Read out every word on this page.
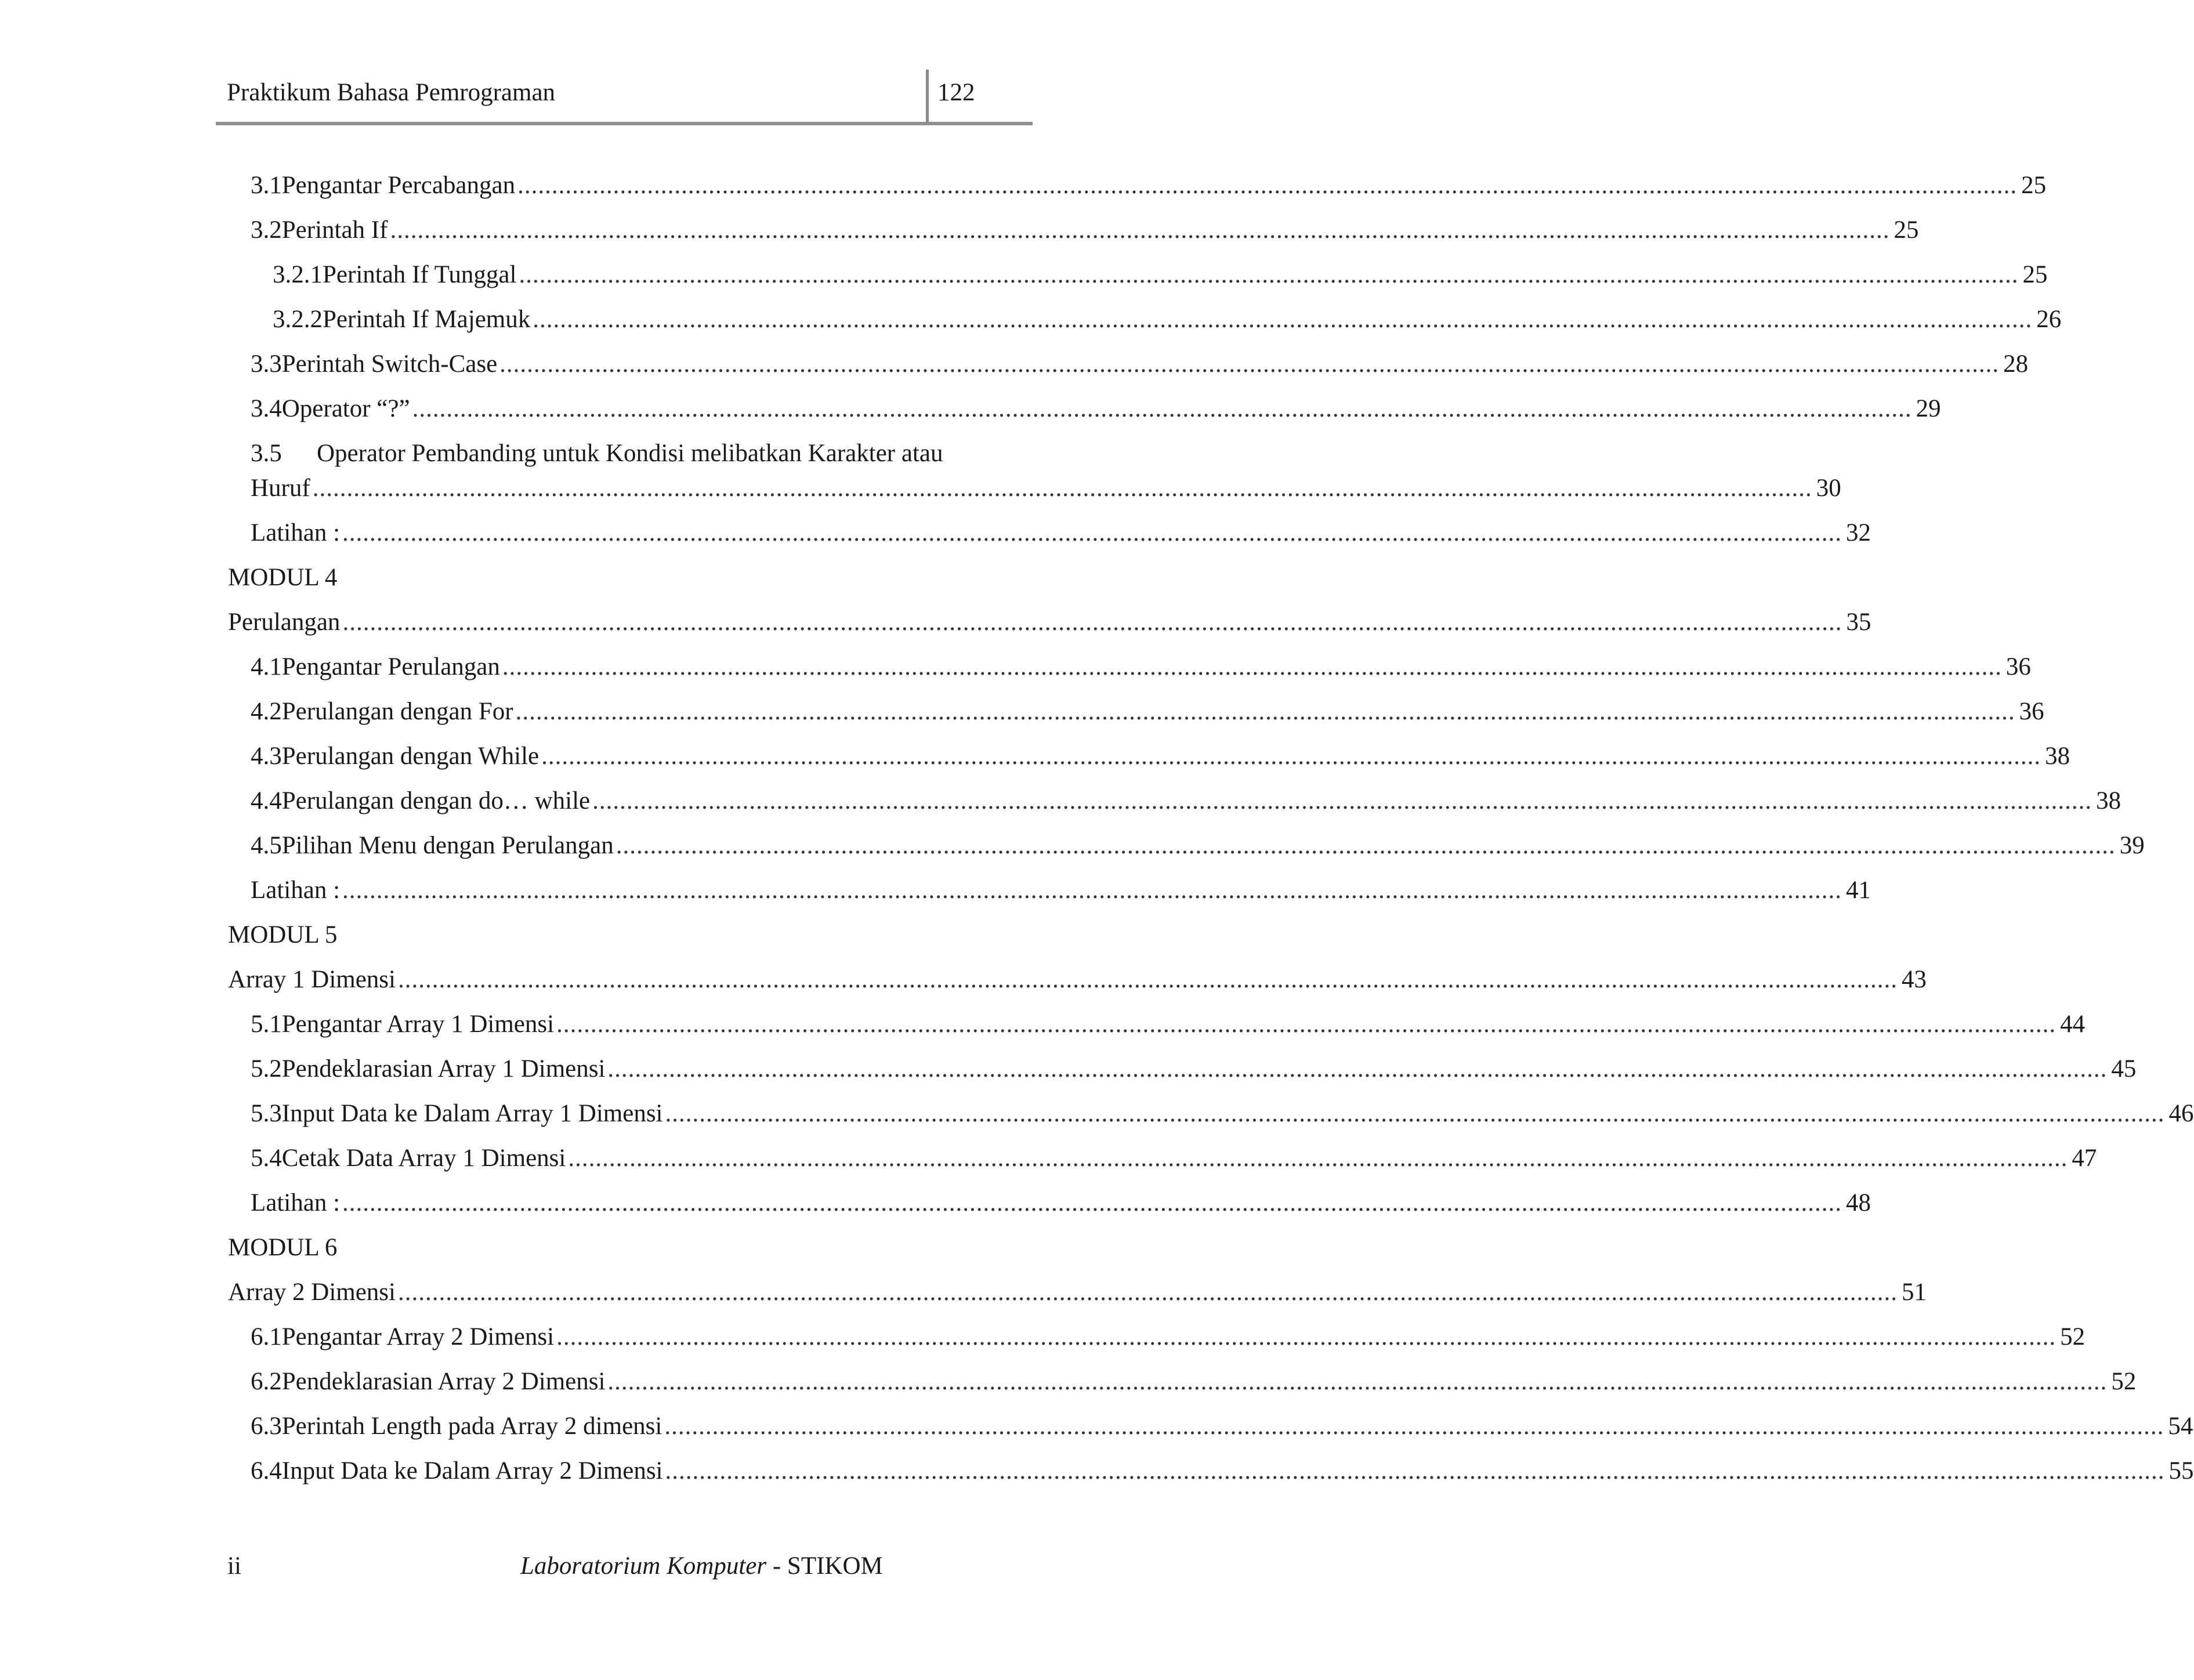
Praktikum Bahasa Pemrograman	122
3.1 Pengantar Percabangan ............................................................................................................................................................................................................................ 25
3.2 Perintah If ............................................................................................................................................................................................................................ 25
3.2.1 Perintah If Tunggal ............................................................................................................................................................................................................................ 25
3.2.2 Perintah If Majemuk ............................................................................................................................................................................................................................ 26
3.3 Perintah Switch-Case ............................................................................................................................................................................................................................ 28
3.4 Operator “?” ............................................................................................................................................................................................................................ 29
3.5 Operator Pembanding untuk Kondisi melibatkan Karakter atau
Huruf ............................................................................................................................................................................................................................ 30
Latihan : ............................................................................................................................................................................................................................ 32
MODUL 4
Perulangan ............................................................................................................................................................................................................................ 35
4.1 Pengantar Perulangan ............................................................................................................................................................................................................................ 36
4.2 Perulangan dengan For ............................................................................................................................................................................................................................ 36
4.3 Perulangan dengan While ............................................................................................................................................................................................................................ 38
4.4 Perulangan dengan do… while ............................................................................................................................................................................................................................ 38
4.5 Pilihan Menu dengan Perulangan ............................................................................................................................................................................................................................ 39
Latihan : ............................................................................................................................................................................................................................ 41
MODUL 5
Array 1 Dimensi ............................................................................................................................................................................................................................ 43
5.1 Pengantar Array 1 Dimensi ............................................................................................................................................................................................................................ 44
5.2 Pendeklarasian Array 1 Dimensi ............................................................................................................................................................................................................................ 45
5.3 Input Data ke Dalam Array 1 Dimensi ............................................................................................................................................................................................................................ 46
5.4 Cetak Data Array 1 Dimensi ............................................................................................................................................................................................................................ 47
Latihan : ............................................................................................................................................................................................................................ 48
MODUL 6
Array 2 Dimensi ............................................................................................................................................................................................................................ 51
6.1 Pengantar Array 2 Dimensi ............................................................................................................................................................................................................................ 52
6.2 Pendeklarasian Array 2 Dimensi ............................................................................................................................................................................................................................ 52
6.3 Perintah Length pada Array 2 dimensi ............................................................................................................................................................................................................................ 54
6.4 Input Data ke Dalam Array 2 Dimensi ............................................................................................................................................................................................................................ 55
ii	Laboratorium Komputer - STIKOM
